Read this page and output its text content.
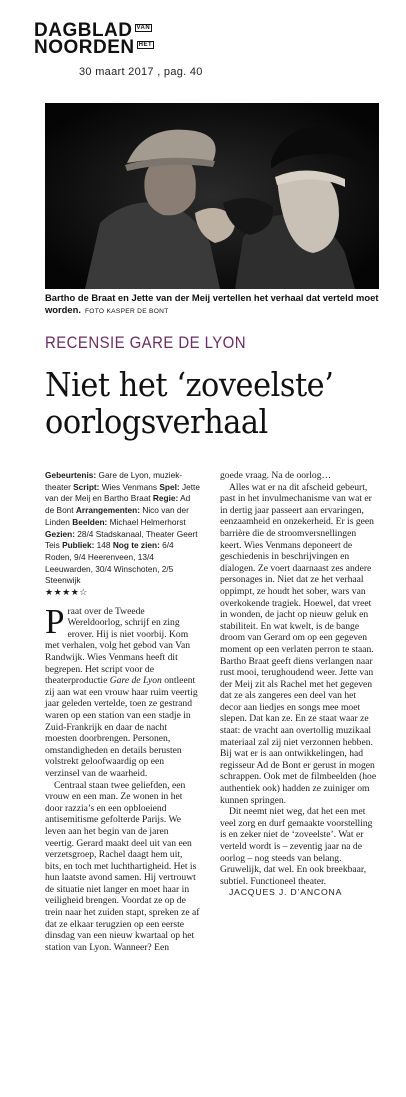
DAGBLAD VAN
NOORDEN HET
30 maart 2017 , pag. 40
Bartho de Braat en Jette van der Meij vertellen het verhaal dat verteld moet worden. FOTO KASPER DE BONT
RECENSIE GARE DE LYON
Niet het ‘zoveelste’ oorlogsverhaal
Gebeurtenis: Gare de Lyon, muziektheater Script: Wies Venmans Spel: Jette van der Meij en Bartho Braat Regie: Ad de Bont Arrangementen: Nico van der Linden Beelden: Michael Helmerhorst Gezien: 28/4 Stadskanaal, Theater Geert Teis Publiek: 148 Nog te zien: 6/4 Roden, 9/4 Heerenveen, 13/4 Leeuwarden, 30/4 Winschoten, 2/5 Steenwijk
★★★★☆

Praat over de Tweede Wereldoorlog, schrijf en zing erover. Hij is niet voorbij. Kom met verhalen, volg het gebod van Van Randwijk. Wies Venmans heeft dit begrepen. Het script voor de theaterproductie Gare de Lyon ontleent zij aan wat een vrouw haar ruim veertig jaar geleden vertelde, toen ze gestrand waren op een station van een stadje in Zuid-Frankrijk en daar de nacht moesten doorbrengen. Personen, omstandigheden en details berusten volstrekt geloofwaardig op een verzinsel van de waarheid.

Centraal staan twee geliefden, een vrouw en een man. Ze wonen in het door razzia’s en een opbloeiend antisemitisme gefolterde Parijs. We leven aan het begin van de jaren veertig. Gerard maakt deel uit van een verzetsgroep, Rachel daagt hem uit, bits, en toch met luchthartigheid. Het is hun laatste avond samen. Hij vertrouwt de situatie niet langer en moet haar in veiligheid brengen. Voordat ze op de trein naar het zuiden stapt, spreken ze af dat ze elkaar terugzien op een eerste dinsdag van een nieuw kwartaal op het station van Lyon. Wanneer? Een

goede vraag. Na de oorlog…

Alles wat er na dit afscheid gebeurt, past in het invulmechanisme van wat er in dertig jaar passeert aan ervaringen, eenzaamheid en onzekerheid. Er is geen barrière die de stroomversnellingen keert. Wies Venmans deponeert de geschiedenis in beschrijvingen en dialogen. Ze voert daarnaast zes andere personages in. Niet dat ze het verhaal oppimpt, ze houdt het sober, wars van overkokende tragiek. Hoewel, dat vreet in wonden, de jacht op nieuw geluk en stabiliteit. En wat kwelt, is de bange droom van Gerard om op een gegeven moment op een verlaten perron te staan. Bartho Braat geeft diens verlangen naar rust mooi, terughoudend weer. Jette van der Meij zit als Rachel met het gegeven dat ze als zangeres een deel van het decor aan liedjes en songs mee moet slepen. Dat kan ze. En ze staat waar ze staat: de vracht aan overtollig muzikaal materiaal zal zij niet verzonnen hebben. Bij wat er is aan ontwikkelingen, had regisseur Ad de Bont er gerust in mogen schrappen. Ook met de filmbeelden (hoe authentiek ook) hadden ze zuiniger om kunnen springen.

Dit neemt niet weg, dat het een met veel zorg en durf gemaakte voorstelling is en zeker niet de ‘zoveelste’. Wat er verteld wordt is – zeventig jaar na de oorlog – nog steeds van belang. Gruwelijk, dat wel. En ook breekbaar, subtiel. Functioneel theater.

JACQUES J. D’ANCONA
